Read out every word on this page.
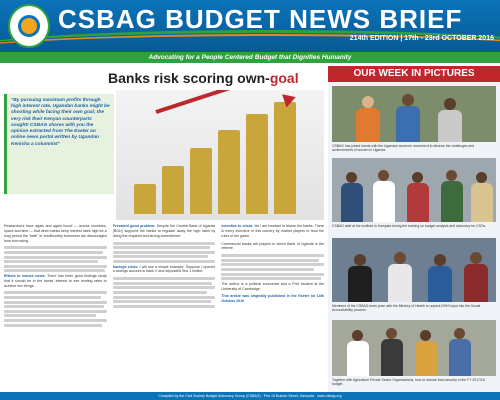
CSBAG BUDGET NEWS BRIEF
214th EDITION | 17th - 23rd OCTOBER 2016
Advocating for a People Centered Budget that Dignifies Humanity
Banks risk scoring own-goal
"By pursuing maximum profits through high interest rate, Ugandan banks might be shooting while facing their own goal; the very risk their Kenyan counterparts sought! CSBAG shares with you the opinion extracted from The Exeter an online news portal written by Ugandan Kenisha a columnist"

Researchers have again and again found — across countries, space and time — that when banks keep interest rates high for a long period the "safe" or creditworthy borrowers are discouraged from borrowing.

Efforts to reduce costs: There has been good findings study that it should be in the banks' interest to see lending rates to achieve two things.

Prevalent good problem: Despite the Central Bank of Uganda (BOU) supports the banks to regulate away the high rates by doing the required and strong commitment.

Savings crisis: I will use a simple example. Suppose I opened a savings account in bank X and deposited Shs 1 million.

Incentive to cheat: Yet I am hesitant to blame the banks. There is every incentive in this country by market players to flout the rules of the game.

Commercial banks are players in which Bank of Uganda is the referee.

The author is a political economist and a PhD student at the University of Cambridge.

This article was originally published in the Exeter on 14th October 2016

OUR WEEK IN PICTURES
CSBAG has joined hands with the Ugandan women's movement to discuss the challenges and achievements of women in Uganda.
CSBAG staff at the institute in Kampala during the training on budget analysis and advocacy for CSOs.
Members of the CSBAG team pose with the Ministry of Health to unpack DHIS input into the Social Accountability process.
Together with Agriculture Private Sector Organizations, how to include food security in the FY 2017/18 budget.
Compiled by the Civil Society Budget Advocacy Group (CSBAG) · Plot 15 Bukoto Street, Kampala · www.csbag.org
